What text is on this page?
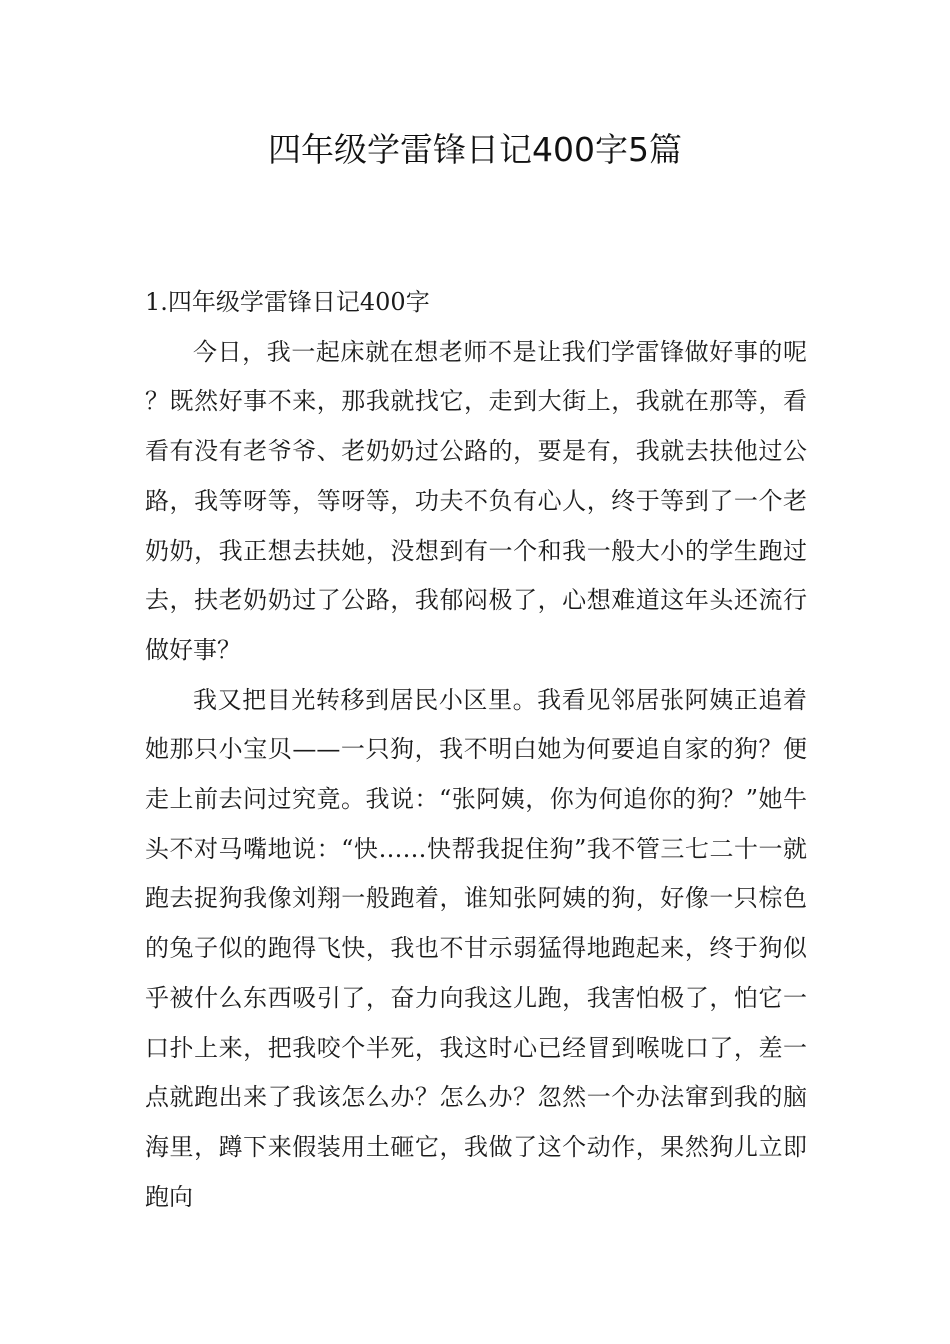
四年级学雷锋日记400字5篇
1.四年级学雷锋日记400字

今日，我一起床就在想老师不是让我们学雷锋做好事的呢？既然好事不来，那我就找它，走到大街上，我就在那等，看看有没有老爷爷、老奶奶过公路的，要是有，我就去扶他过公路，我等呀等，等呀等，功夫不负有心人，终于等到了一个老奶奶，我正想去扶她，没想到有一个和我一般大小的学生跑过去，扶老奶奶过了公路，我郁闷极了，心想难道这年头还流行做好事？

我又把目光转移到居民小区里。我看见邻居张阿姨正追着她那只小宝贝——一只狗，我不明白她为何要追自家的狗？便走上前去问过究竟。我说：“张阿姨，你为何追你的狗？”她牛头不对马嘴地说：“快……快帮我捉住狗”我不管三七二十一就跑去捉狗我像刘翔一般跑着，谁知张阿姨的狗，好像一只棕色的兔子似的跑得飞快，我也不甘示弱猛得地跑起来，终于狗似乎被什么东西吸引了，奋力向我这儿跑，我害怕极了，怕它一口扑上来，把我咬个半死，我这时心已经冒到喉咙口了，差一点就跑出来了我该怎么办？怎么办？忽然一个办法窜到我的脑海里，蹲下来假装用土砸它，我做了这个动作，果然狗儿立即跑向
